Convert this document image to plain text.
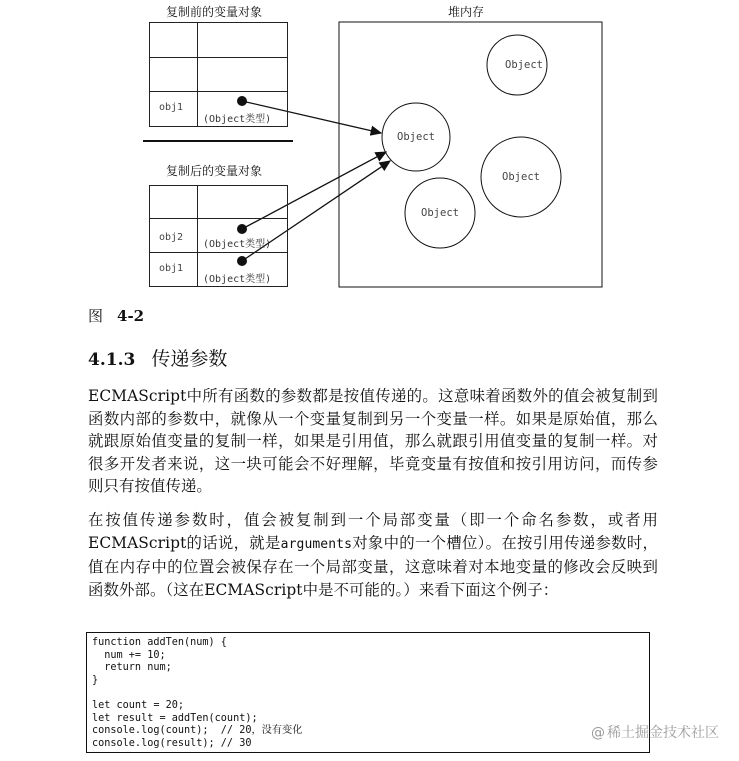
复制前的变量对象	堆内存
复制后的变量对象
obj1
(Object类型)
obj2
(Object类型)
obj1
(Object类型)
Object
Object
Object
Object
图 4-2
4.1.3 传递参数
ECMAScript中所有函数的参数都是按值传递的。这意味着函数外的值会被复制到函数内部的参数中，就像从一个变量复制到另一个变量一样。如果是原始值，那么就跟原始值变量的复制一样，如果是引用值，那么就跟引用值变量的复制一样。对很多开发者来说，这一块可能会不好理解，毕竟变量有按值和按引用访问，而传参则只有按值传递。
在按值传递参数时，值会被复制到一个局部变量（即一个命名参数，或者用ECMAScript的话说，就是arguments对象中的一个槽位）。在按引用传递参数时，值在内存中的位置会被保存在一个局部变量，这意味着对本地变量的修改会反映到函数外部。（这在ECMAScript中是不可能的。）来看下面这个例子：
function addTen(num) {
num += 10;
return num;
}

let count = 20;
let result = addTen(count);
console.log(count);  // 20，没有变化
console.log(result); // 30
@ 稀土掘金技术社区
